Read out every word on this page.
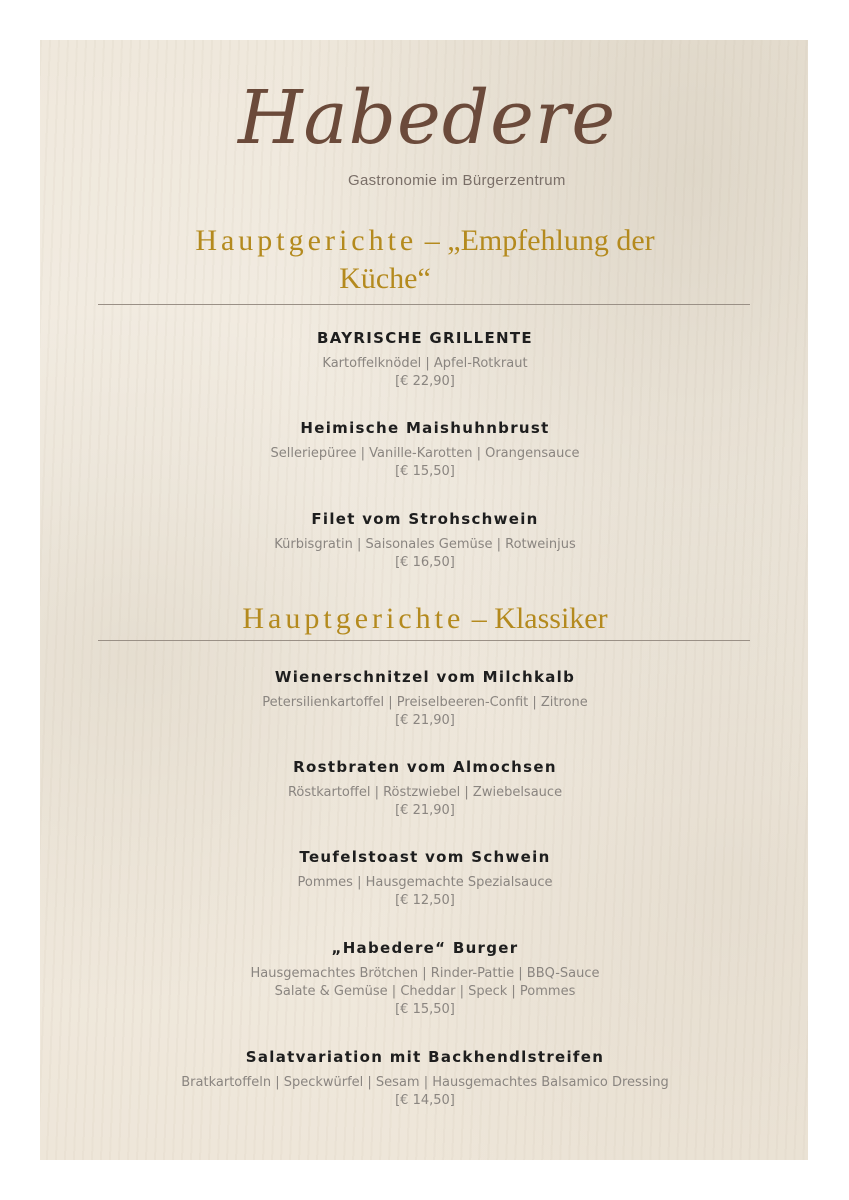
Habedere
Gastronomie im Bürgerzentrum
Hauptgerichte – „Empfehlung der
Küche“
BAYRISCHE GRILLENTE
Kartoffelknödel | Apfel-Rotkraut
[€ 22,90]
Heimische Maishuhnbrust
Selleriepüree | Vanille-Karotten | Orangensauce
[€ 15,50]
Filet vom Strohschwein
Kürbisgratin | Saisonales Gemüse | Rotweinjus
[€ 16,50]
Hauptgerichte – Klassiker
Wienerschnitzel vom Milchkalb
Petersilienkartoffel | Preiselbeeren-Confit | Zitrone
[€ 21,90]
Rostbraten vom Almochsen
Röstkartoffel | Röstzwiebel | Zwiebelsauce
[€ 21,90]
Teufelstoast vom Schwein
Pommes | Hausgemachte Spezialsauce
[€ 12,50]
„Habedere“ Burger
Hausgemachtes Brötchen | Rinder-Pattie | BBQ-Sauce
Salate & Gemüse | Cheddar | Speck | Pommes
[€ 15,50]
Salatvariation mit Backhendlstreifen
Bratkartoffeln | Speckwürfel | Sesam | Hausgemachtes Balsamico Dressing
[€ 14,50]
